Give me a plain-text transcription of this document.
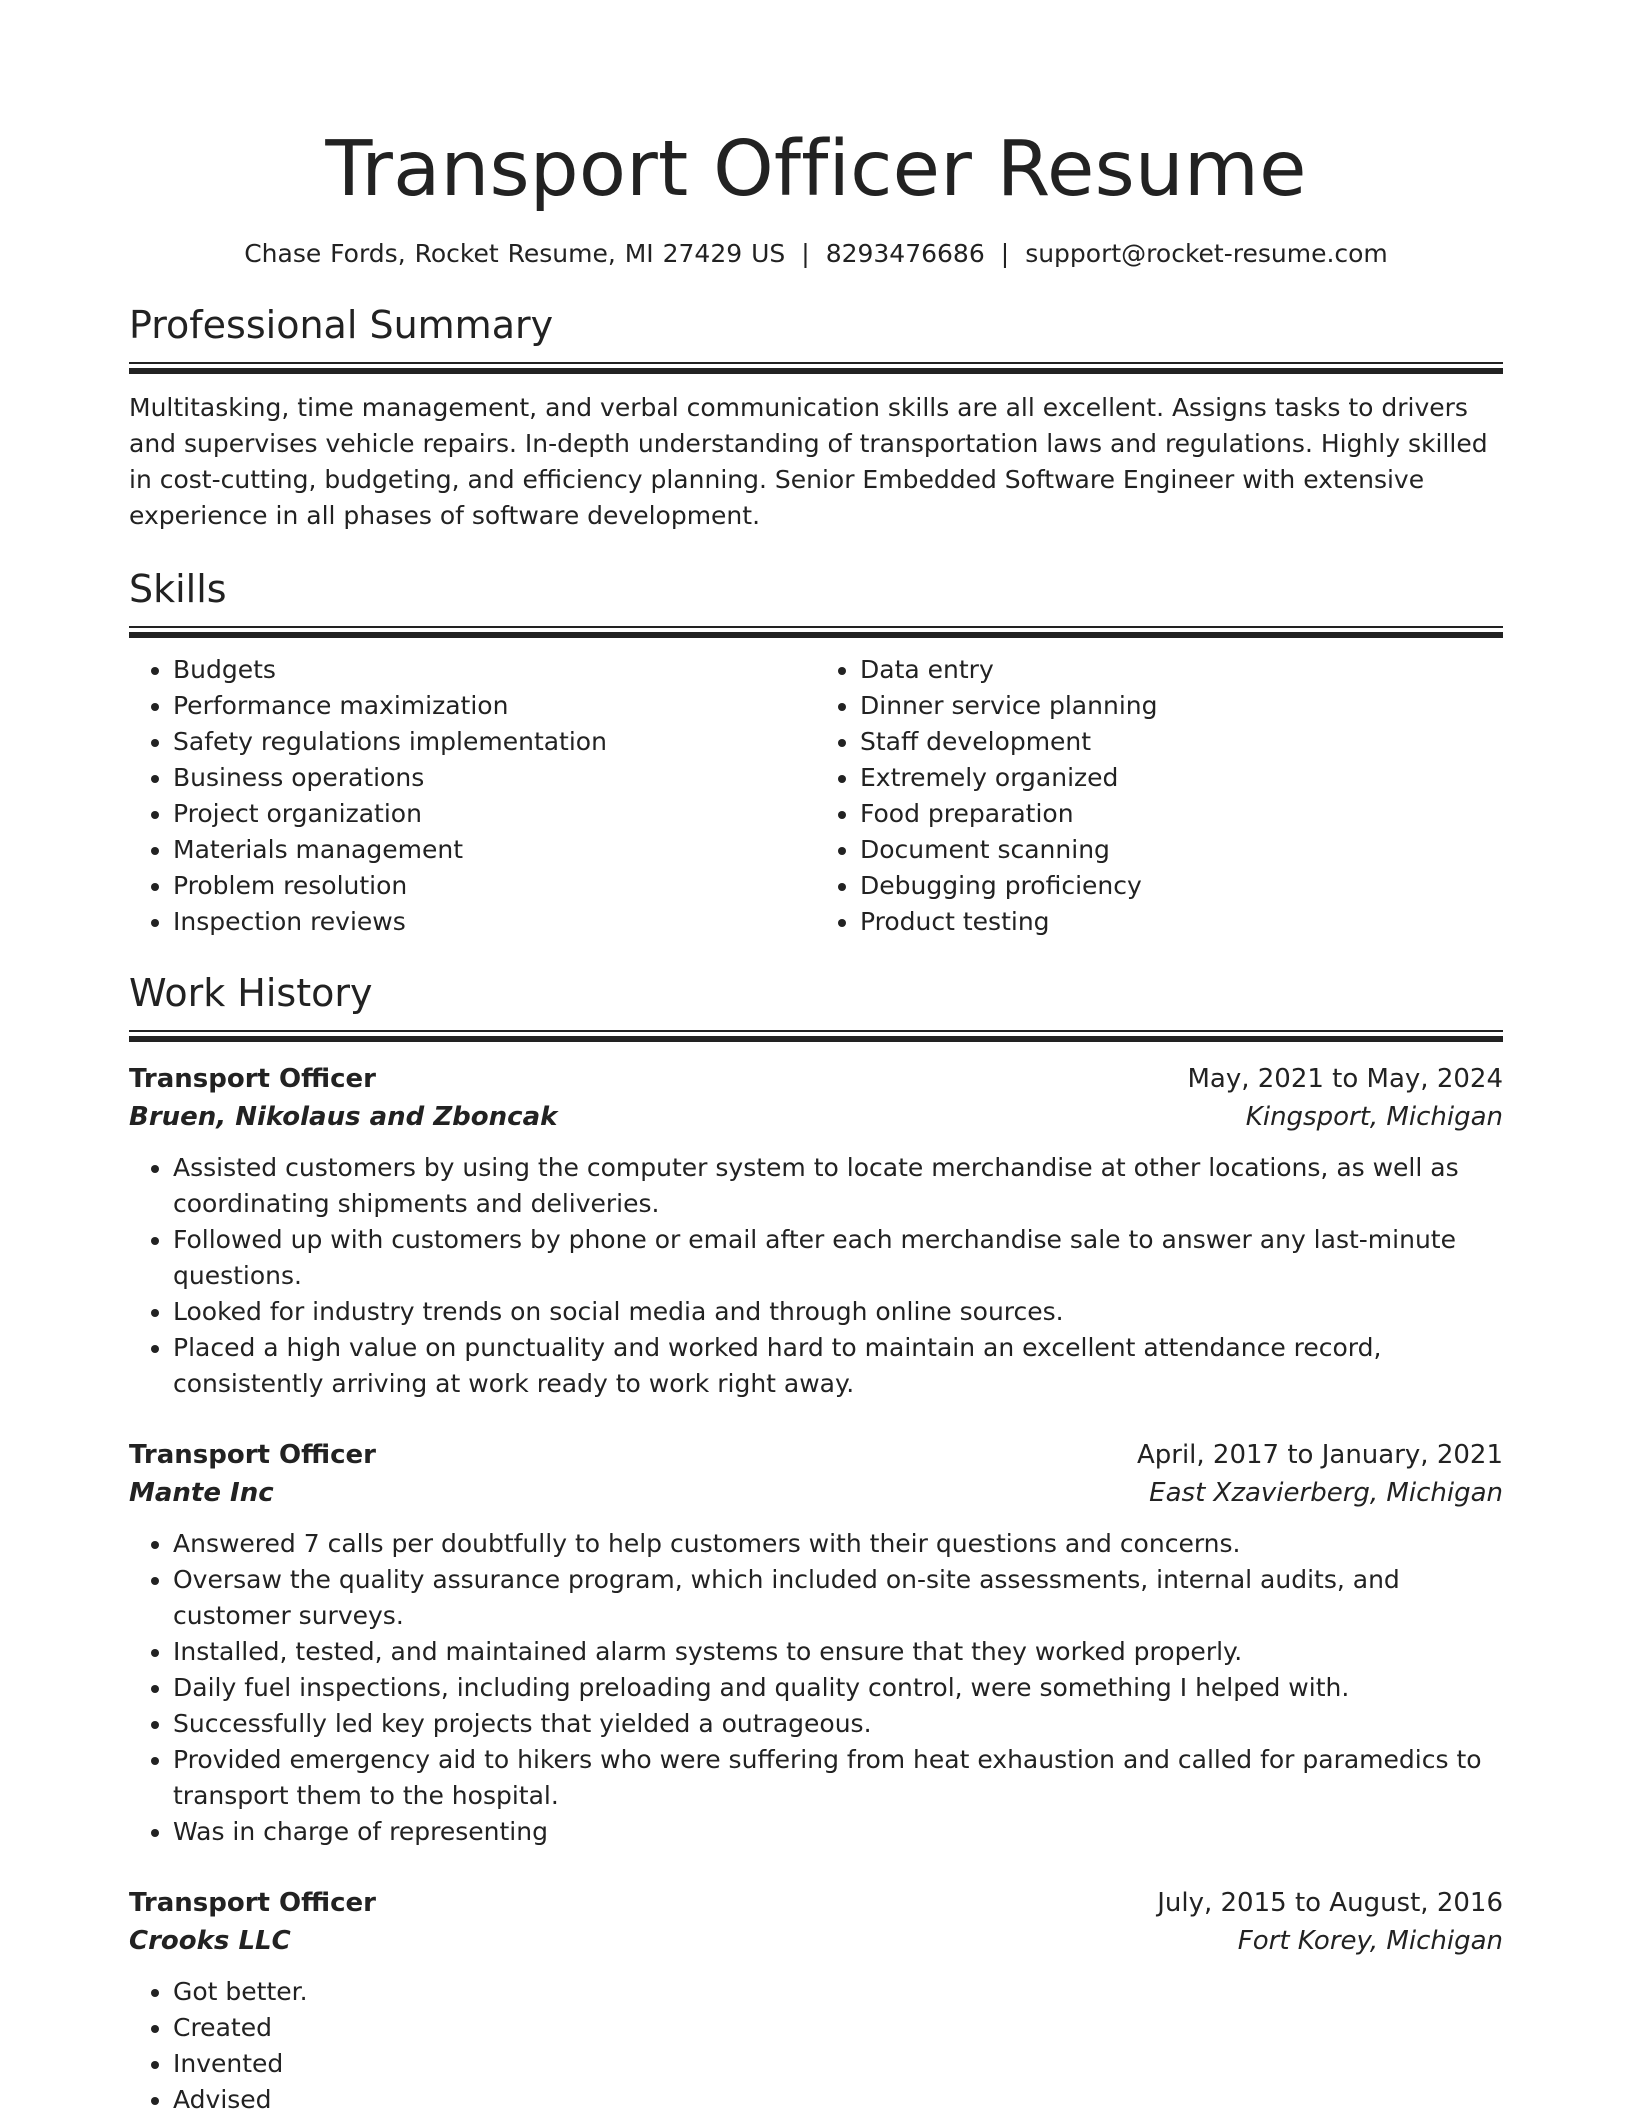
Transport Officer Resume
Chase Fords, Rocket Resume, MI 27429 US | 8293476686 | support@rocket-resume.com
Professional Summary

Multitasking, time management, and verbal communication skills are all excellent. Assigns tasks to drivers and supervises vehicle repairs. In-depth understanding of transportation laws and regulations. Highly skilled in cost-cutting, budgeting, and efficiency planning. Senior Embedded Software Engineer with extensive experience in all phases of software development.

Skills
• Budgets
• Performance maximization
• Safety regulations implementation
• Business operations
• Project organization
• Materials management
• Problem resolution
• Inspection reviews
• Data entry
• Dinner service planning
• Staff development
• Extremely organized
• Food preparation
• Document scanning
• Debugging proficiency
• Product testing
Work History
Transport Officer	May, 2021 to May, 2024
Bruen, Nikolaus and Zboncak	Kingsport, Michigan
• Assisted customers by using the computer system to locate merchandise at other locations, as well as coordinating shipments and deliveries.
• Followed up with customers by phone or email after each merchandise sale to answer any last-minute questions.
• Looked for industry trends on social media and through online sources.
• Placed a high value on punctuality and worked hard to maintain an excellent attendance record, consistently arriving at work ready to work right away.
Transport Officer	April, 2017 to January, 2021
Mante Inc	East Xzavierberg, Michigan
• Answered 7 calls per doubtfully to help customers with their questions and concerns.
• Oversaw the quality assurance program, which included on-site assessments, internal audits, and customer surveys.
• Installed, tested, and maintained alarm systems to ensure that they worked properly.
• Daily fuel inspections, including preloading and quality control, were something I helped with.
• Successfully led key projects that yielded a outrageous.
• Provided emergency aid to hikers who were suffering from heat exhaustion and called for paramedics to transport them to the hospital.
• Was in charge of representing
Transport Officer	July, 2015 to August, 2016
Crooks LLC	Fort Korey, Michigan
• Got better.
• Created
• Invented
• Advised
